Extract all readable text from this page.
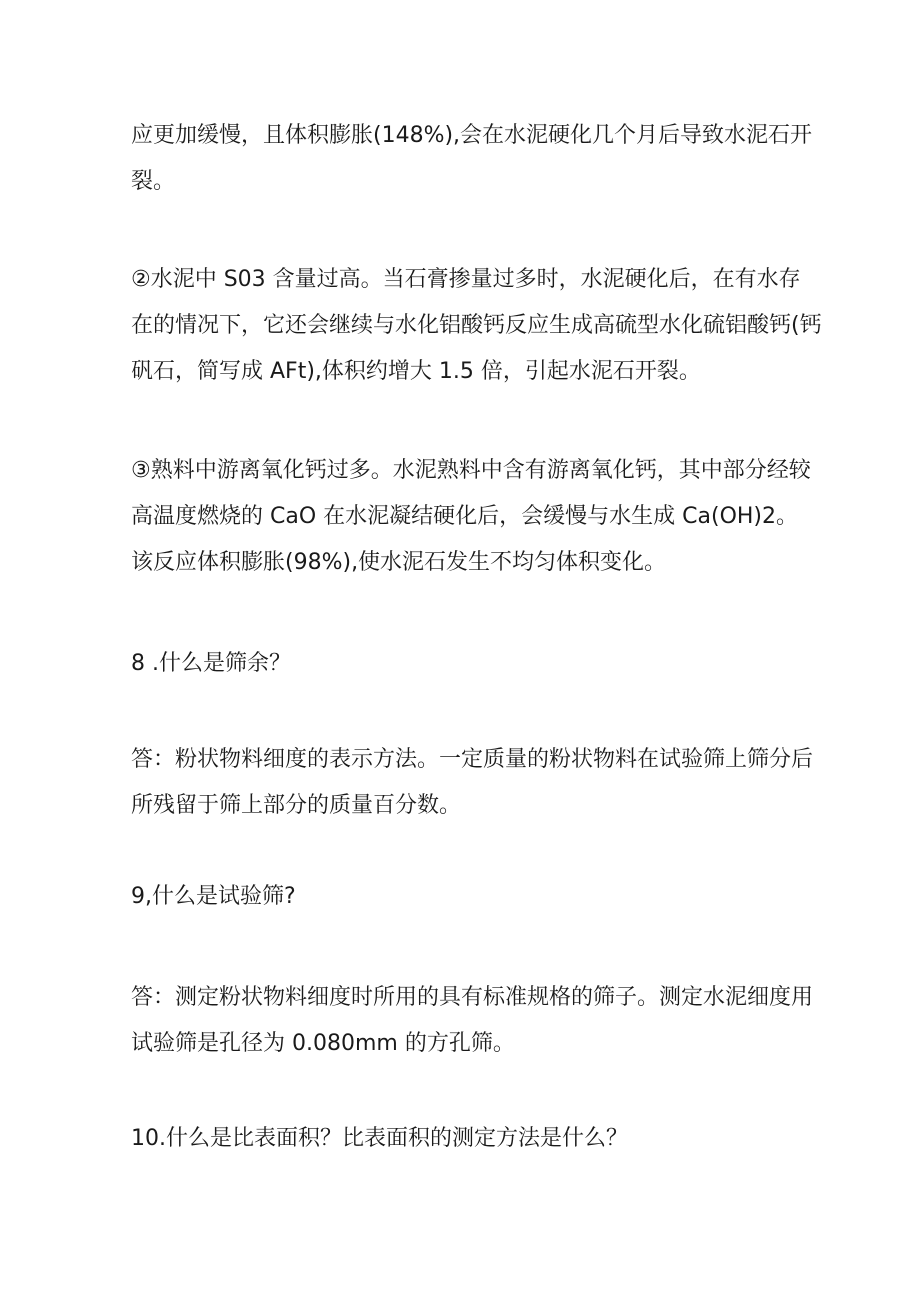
应更加缓慢，且体积膨胀(148%),会在水泥硬化几个月后导致水泥石开
裂。

②水泥中 S03 含量过高。当石膏掺量过多时，水泥硬化后，在有水存
在的情况下，它还会继续与水化铝酸钙反应生成高硫型水化硫铝酸钙(钙
矾石，简写成 AFt),体积约增大 1.5 倍，引起水泥石开裂。

③熟料中游离氧化钙过多。水泥熟料中含有游离氧化钙，其中部分经较
高温度燃烧的 CaO 在水泥凝结硬化后，会缓慢与水生成 Ca(OH)2。
该反应体积膨胀(98%),使水泥石发生不均匀体积变化。

8 .什么是筛余？

答：粉状物料细度的表示方法。一定质量的粉状物料在试验筛上筛分后
所残留于筛上部分的质量百分数。

9,什么是试验筛?

答：测定粉状物料细度时所用的具有标准规格的筛子。测定水泥细度用
试验筛是孔径为 0.080mm 的方孔筛。

10.什么是比表面积？比表面积的测定方法是什么？
